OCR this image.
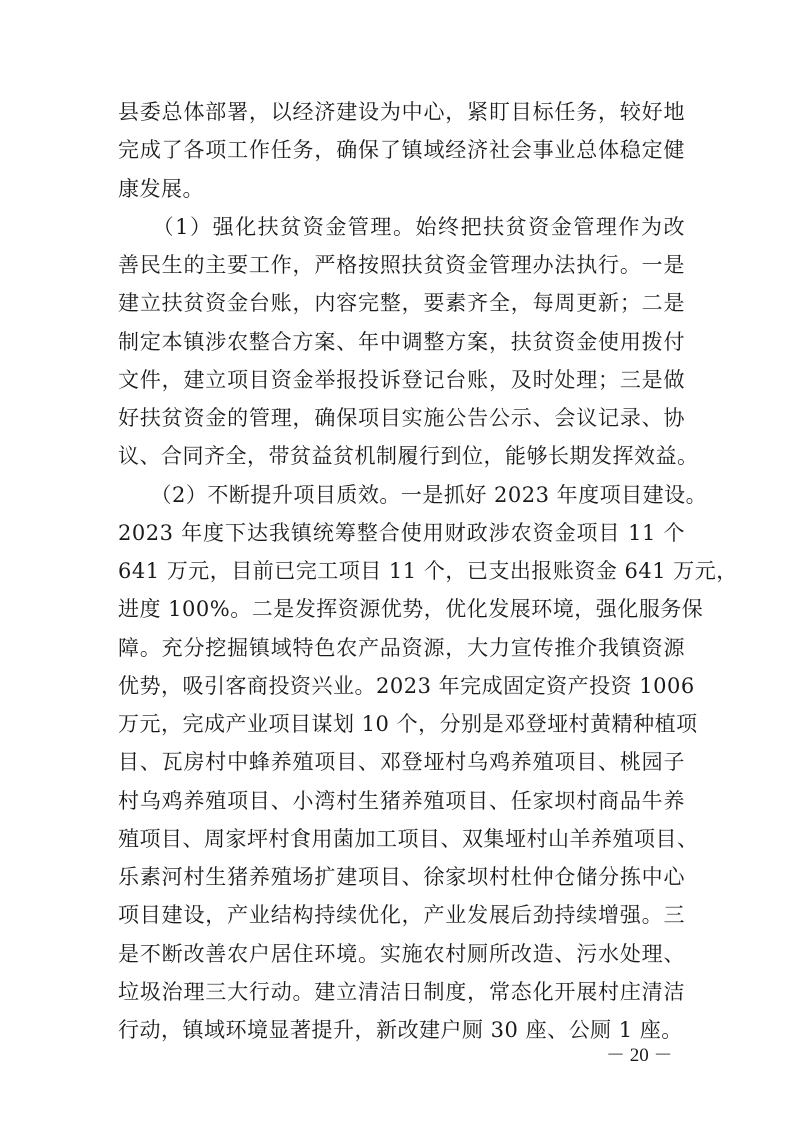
县委总体部署，以经济建设为中心，紧盯目标任务，较好地
完成了各项工作任务，确保了镇域经济社会事业总体稳定健
康发展。
　　（1）强化扶贫资金管理。始终把扶贫资金管理作为改
善民生的主要工作，严格按照扶贫资金管理办法执行。一是
建立扶贫资金台账，内容完整，要素齐全，每周更新；二是
制定本镇涉农整合方案、年中调整方案，扶贫资金使用拨付
文件，建立项目资金举报投诉登记台账，及时处理；三是做
好扶贫资金的管理，确保项目实施公告公示、会议记录、协
议、合同齐全，带贫益贫机制履行到位，能够长期发挥效益。
　　（2）不断提升项目质效。一是抓好 2023 年度项目建设。
2023 年度下达我镇统筹整合使用财政涉农资金项目 11 个
641 万元，目前已完工项目 11 个，已支出报账资金 641 万元，
进度 100%。二是发挥资源优势，优化发展环境，强化服务保
障。充分挖掘镇域特色农产品资源，大力宣传推介我镇资源
优势，吸引客商投资兴业。2023 年完成固定资产投资 1006
万元，完成产业项目谋划 10 个，分别是邓登垭村黄精种植项
目、瓦房村中蜂养殖项目、邓登垭村乌鸡养殖项目、桃园子
村乌鸡养殖项目、小湾村生猪养殖项目、任家坝村商品牛养
殖项目、周家坪村食用菌加工项目、双集垭村山羊养殖项目、
乐素河村生猪养殖场扩建项目、徐家坝村杜仲仓储分拣中心
项目建设，产业结构持续优化，产业发展后劲持续增强。三
是不断改善农户居住环境。实施农村厕所改造、污水处理、
垃圾治理三大行动。建立清洁日制度，常态化开展村庄清洁
行动，镇域环境显著提升，新改建户厕 30 座、公厕 1 座。
－ 20 －
